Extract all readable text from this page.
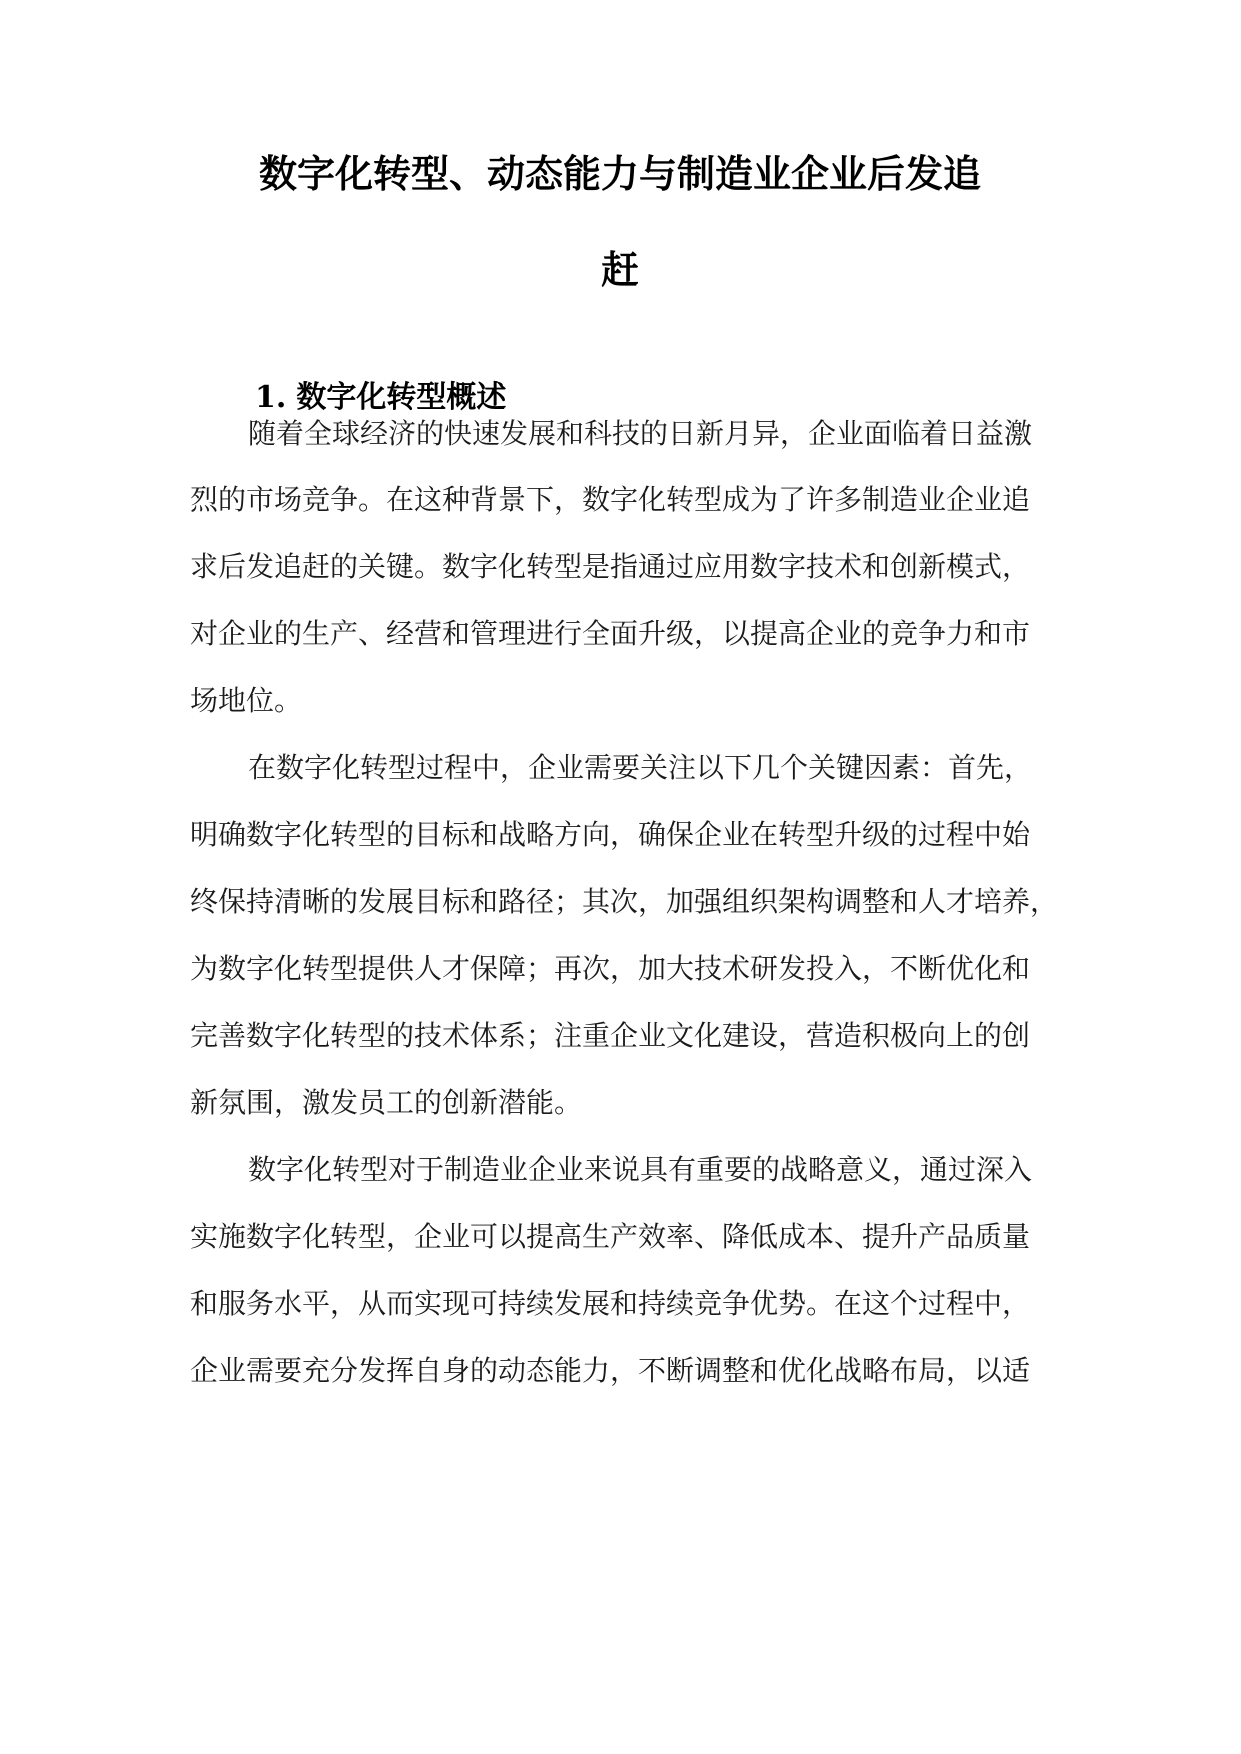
数字化转型、动态能力与制造业企业后发追
赶
1. 数字化转型概述

随着全球经济的快速发展和科技的日新月异，企业面临着日益激

烈的市场竞争。在这种背景下，数字化转型成为了许多制造业企业追

求后发追赶的关键。数字化转型是指通过应用数字技术和创新模式，

对企业的生产、经营和管理进行全面升级，以提高企业的竞争力和市

场地位。

在数字化转型过程中，企业需要关注以下几个关键因素：首先，

明确数字化转型的目标和战略方向，确保企业在转型升级的过程中始

终保持清晰的发展目标和路径；其次，加强组织架构调整和人才培养，

为数字化转型提供人才保障；再次，加大技术研发投入，不断优化和

完善数字化转型的技术体系；注重企业文化建设，营造积极向上的创

新氛围，激发员工的创新潜能。

数字化转型对于制造业企业来说具有重要的战略意义，通过深入

实施数字化转型，企业可以提高生产效率、降低成本、提升产品质量

和服务水平，从而实现可持续发展和持续竞争优势。在这个过程中，

企业需要充分发挥自身的动态能力，不断调整和优化战略布局，以适
